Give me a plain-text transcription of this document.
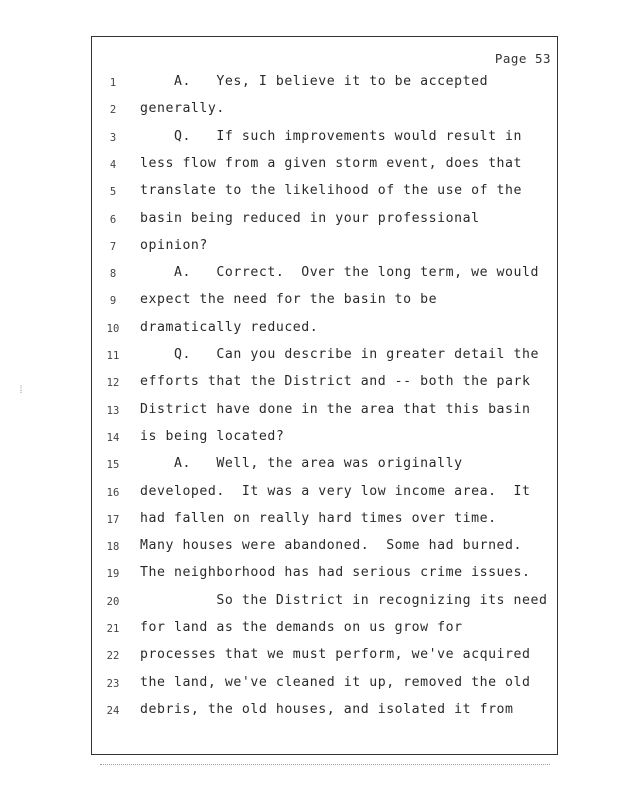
Page 53
1	A.   Yes, I believe it to be accepted
2	generally.
3	Q.   If such improvements would result in
4	less flow from a given storm event, does that
5	translate to the likelihood of the use of the
6	basin being reduced in your professional
7	opinion?
8	A.   Correct.  Over the long term, we would
9	expect the need for the basin to be
10	dramatically reduced.
11	Q.   Can you describe in greater detail the
12	efforts that the District and -- both the park
13	District have done in the area that this basin
14	is being located?
15	A.   Well, the area was originally
16	developed.  It was a very low income area.  It
17	had fallen on really hard times over time.
18	Many houses were abandoned.  Some had burned.
19	The neighborhood has had serious crime issues.
20	So the District in recognizing its need
21	for land as the demands on us grow for
22	processes that we must perform, we've acquired
23	the land, we've cleaned it up, removed the old
24	debris, the old houses, and isolated it from
⁞
